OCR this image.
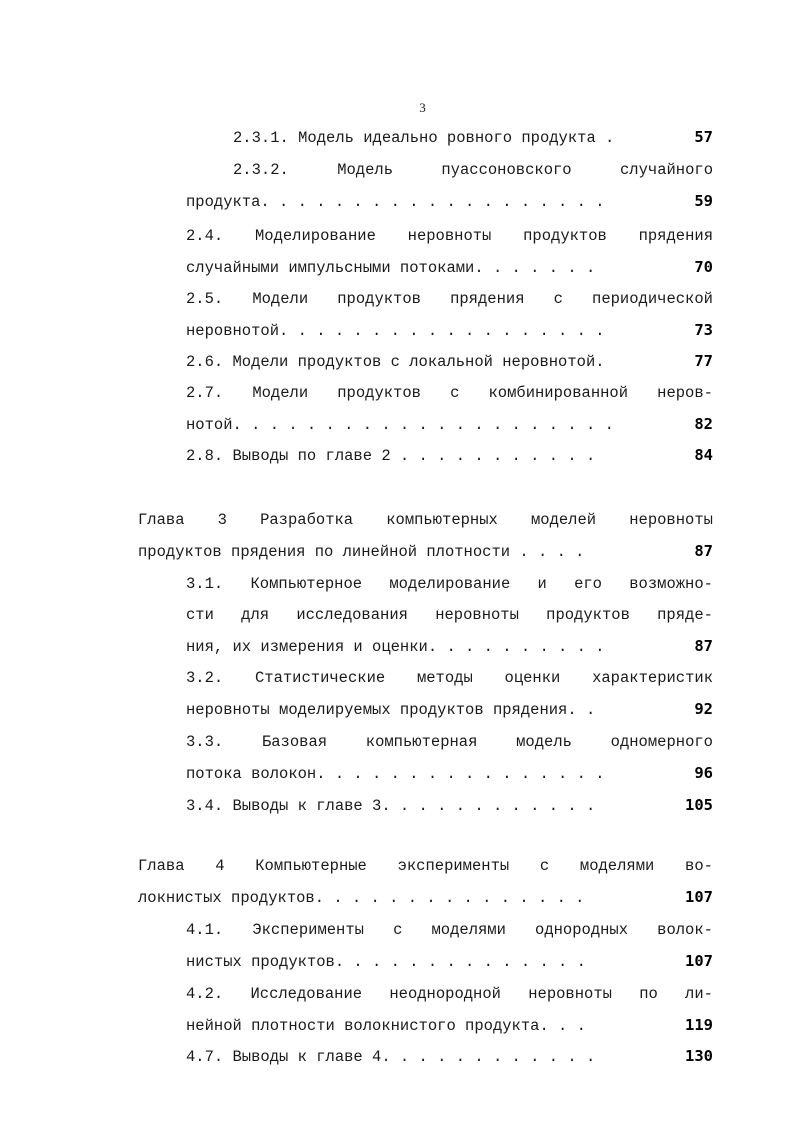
3
2.3.1. Модель идеально ровного продукта .	57
2.3.2.	Модель	пуассоновского	случайного
продукта. . . . . . . . . . . . . . . . . . .	59
2.4. Моделирование неровноты продуктов прядения
случайными импульсными потоками. . . . . . .	70
2.5. Модели продуктов прядения с периодической
неровнотой. . . . . . . . . . . . . . . . . .	73
2.6. Модели продуктов с локальной неровнотой.	77
2.7. Модели продуктов с комбинированной неров-
нотой. . . . . . . . . . . . . . . . . . . . .	82
2.8. Выводы по главе 2 . . . . . . . . . . .	84
Глава 3 Разработка компьютерных моделей неровноты
продуктов прядения по линейной плотности . . . .	87
3.1. Компьютерное моделирование и его возможно-
сти для исследования неровноты продуктов пряде-
ния, их измерения и оценки. . . . . . . . . .	87
3.2. Статистические методы оценки характеристик
неровноты моделируемых продуктов прядения. .	92
3.3. Базовая компьютерная модель одномерного
потока волокон. . . . . . . . . . . . . . . .	96
3.4. Выводы к главе 3. . . . . . . . . . . .	105
Глава 4 Компьютерные эксперименты с моделями во-
локнистых продуктов. . . . . . . . . . . . . . .	107
4.1. Эксперименты с моделями однородных волок-
нистых продуктов. . . . . . . . . . . . . .	107
4.2. Исследование неоднородной неровноты по ли-
нейной плотности волокнистого продукта. . .	119
4.7. Выводы к главе 4. . . . . . . . . . . .	130
